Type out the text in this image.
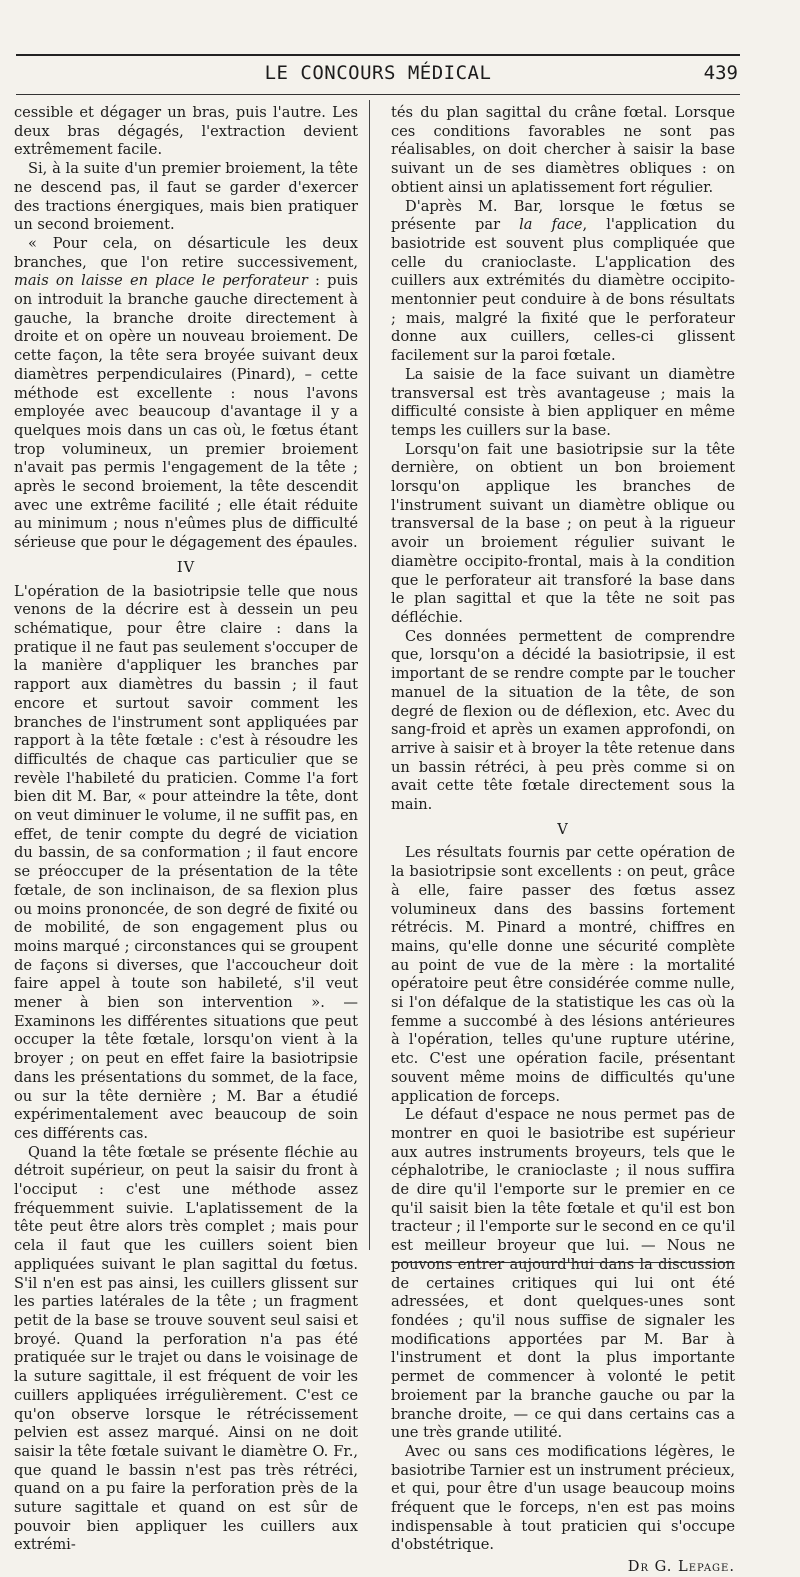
LE CONCOURS MÉDICAL	439

cessible et dégager un bras, puis l'autre. Les deux bras dégagés, l'extraction devient extrêmement facile.

Si, à la suite d'un premier broiement, la tête ne descend pas, il faut se garder d'exercer des tractions énergiques, mais bien pratiquer un second broiement.

« Pour cela, on désarticule les deux branches, que l'on retire successivement, mais on laisse en place le perforateur : puis on introduit la branche gauche directement à gauche, la branche droite directement à droite et on opère un nouveau broiement. De cette façon, la tête sera broyée suivant deux diamètres perpendiculaires (Pinard), – cette méthode est excellente : nous l'avons employée avec beaucoup d'avantage il y a quelques mois dans un cas où, le fœtus étant trop volumineux, un premier broiement n'avait pas permis l'engagement de la tête ; après le second broiement, la tête descendit avec une extrême facilité ; elle était réduite au minimum ; nous n'eûmes plus de difficulté sérieuse que pour le dégagement des épaules.

IV

L'opération de la basiotripsie telle que nous venons de la décrire est à dessein un peu schématique, pour être claire : dans la pratique il ne faut pas seulement s'occuper de la manière d'appliquer les branches par rapport aux diamètres du bassin ; il faut encore et surtout savoir comment les branches de l'instrument sont appliquées par rapport à la tête fœtale : c'est à résoudre les difficultés de chaque cas particulier que se revèle l'habileté du praticien. Comme l'a fort bien dit M. Bar, « pour atteindre la tête, dont on veut diminuer le volume, il ne suffit pas, en effet, de tenir compte du degré de viciation du bassin, de sa conformation ; il faut encore se préoccuper de la présentation de la tête fœtale, de son inclinaison, de sa flexion plus ou moins prononcée, de son degré de fixité ou de mobilité, de son engagement plus ou moins marqué ; circonstances qui se groupent de façons si diverses, que l'accoucheur doit faire appel à toute son habileté, s'il veut mener à bien son intervention ». — Examinons les différentes situations que peut occuper la tête fœtale, lorsqu'on vient à la broyer ; on peut en effet faire la basiotripsie dans les présentations du sommet, de la face, ou sur la tête dernière ; M. Bar a étudié expérimentalement avec beaucoup de soin ces différents cas.

Quand la tête fœtale se présente fléchie au détroit supérieur, on peut la saisir du front à l'occiput : c'est une méthode assez fréquemment suivie. L'aplatissement de la tête peut être alors très complet ; mais pour cela il faut que les cuillers soient bien appliquées suivant le plan sagittal du fœtus. S'il n'en est pas ainsi, les cuillers glissent sur les parties latérales de la tête ; un fragment petit de la base se trouve souvent seul saisi et broyé. Quand la perforation n'a pas été pratiquée sur le trajet ou dans le voisinage de la suture sagittale, il est fréquent de voir les cuillers appliquées irrégulièrement. C'est ce qu'on observe lorsque le rétrécissement pelvien est assez marqué. Ainsi on ne doit saisir la tête fœtale suivant le diamètre O. Fr., que quand le bassin n'est pas très rétréci, quand on a pu faire la perforation près de la suture sagittale et quand on est sûr de pouvoir bien appliquer les cuillers aux extrémi-

tés du plan sagittal du crâne fœtal. Lorsque ces conditions favorables ne sont pas réalisables, on doit chercher à saisir la base suivant un de ses diamètres obliques : on obtient ainsi un aplatissement fort régulier.

D'après M. Bar, lorsque le fœtus se présente par la face, l'application du basiotride est souvent plus compliquée que celle du cranioclaste. L'application des cuillers aux extrémités du diamètre occipito-mentonnier peut conduire à de bons résultats ; mais, malgré la fixité que le perforateur donne aux cuillers, celles-ci glissent facilement sur la paroi fœtale.

La saisie de la face suivant un diamètre transversal est très avantageuse ; mais la difficulté consiste à bien appliquer en même temps les cuillers sur la base.

Lorsqu'on fait une basiotripsie sur la tête dernière, on obtient un bon broiement lorsqu'on applique les branches de l'instrument suivant un diamètre oblique ou transversal de la base ; on peut à la rigueur avoir un broiement régulier suivant le diamètre occipito-frontal, mais à la condition que le perforateur ait transforé la base dans le plan sagittal et que la tête ne soit pas défléchie.

Ces données permettent de comprendre que, lorsqu'on a décidé la basiotripsie, il est important de se rendre compte par le toucher manuel de la situation de la tête, de son degré de flexion ou de déflexion, etc. Avec du sang-froid et après un examen approfondi, on arrive à saisir et à broyer la tête retenue dans un bassin rétréci, à peu près comme si on avait cette tête fœtale directement sous la main.

V

Les résultats fournis par cette opération de la basiotripsie sont excellents : on peut, grâce à elle, faire passer des fœtus assez volumineux dans des bassins fortement rétrécis. M. Pinard a montré, chiffres en mains, qu'elle donne une sécurité complète au point de vue de la mère : la mortalité opératoire peut être considérée comme nulle, si l'on défalque de la statistique les cas où la femme a succombé à des lésions antérieures à l'opération, telles qu'une rupture utérine, etc. C'est une opération facile, présentant souvent même moins de difficultés qu'une application de forceps.

Le défaut d'espace ne nous permet pas de montrer en quoi le basiotribe est supérieur aux autres instruments broyeurs, tels que le céphalotribe, le cranioclaste ; il nous suffira de dire qu'il l'emporte sur le premier en ce qu'il saisit bien la tête fœtale et qu'il est bon tracteur ; il l'emporte sur le second en ce qu'il est meilleur broyeur que lui. — Nous ne pouvons entrer aujourd'hui dans la discussion de certaines critiques qui lui ont été adressées, et dont quelques-unes sont fondées ; qu'il nous suffise de signaler les modifications apportées par M. Bar à l'instrument et dont la plus importante permet de commencer à volonté le petit broiement par la branche gauche ou par la branche droite, — ce qui dans certains cas a une très grande utilité.

Avec ou sans ces modifications légères, le basiotribe Tarnier est un instrument précieux, et qui, pour être d'un usage beaucoup moins fréquent que le forceps, n'en est pas moins indispensable à tout praticien qui s'occupe d'obstétrique.

Dr G. Lepage.
